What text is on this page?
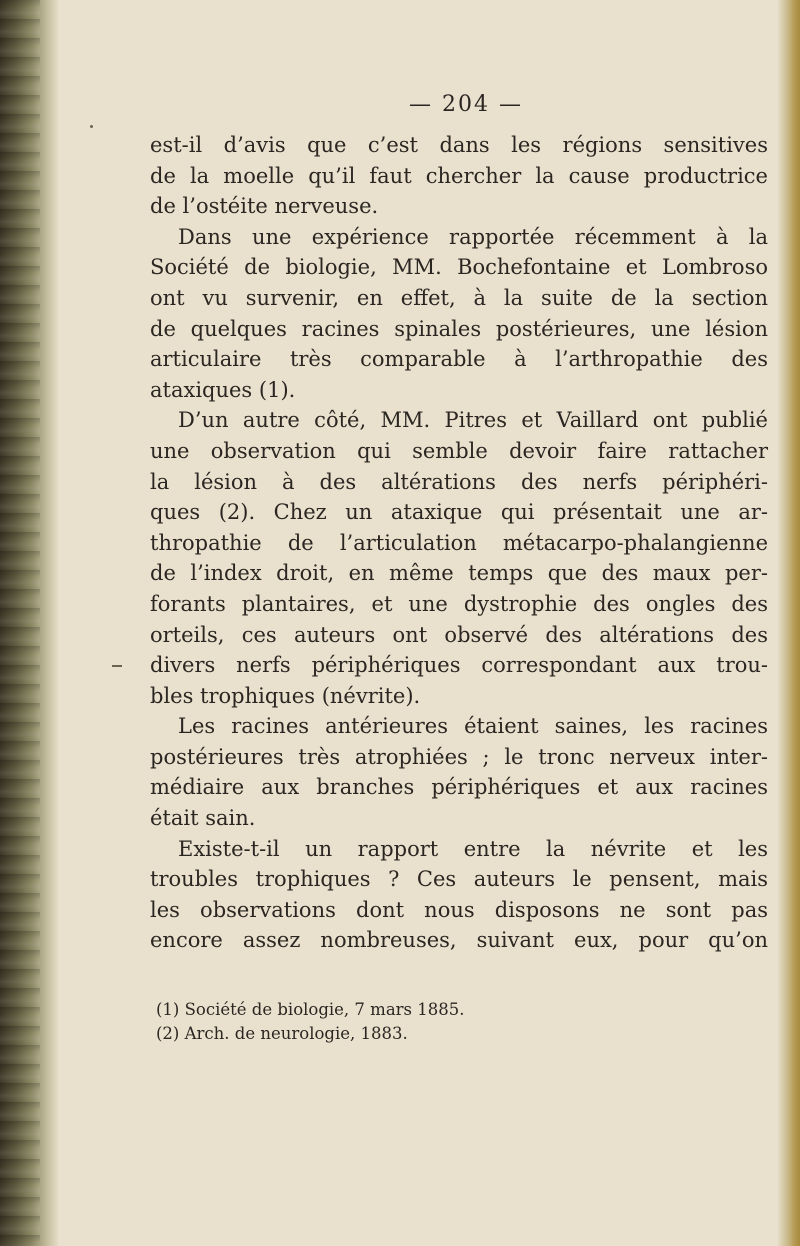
— 204 —
est-il d’avis que c’est dans les régions sensitives
de la moelle qu’il faut chercher la cause productrice
de l’ostéite nerveuse.
Dans une expérience rapportée récemment à la
Société de biologie, MM. Bochefontaine et Lombroso
ont vu survenir, en effet, à la suite de la section
de quelques racines spinales postérieures, une lésion
articulaire très comparable à l’arthropathie des
ataxiques (1).
D’un autre côté, MM. Pitres et Vaillard ont publié
une observation qui semble devoir faire rattacher
la lésion à des altérations des nerfs périphéri-
ques (2). Chez un ataxique qui présentait une ar-
thropathie de l’articulation métacarpo-phalangienne
de l’index droit, en même temps que des maux per-
forants plantaires, et une dystrophie des ongles des
orteils, ces auteurs ont observé des altérations des
divers nerfs périphériques correspondant aux trou-
bles trophiques (névrite).
Les racines antérieures étaient saines, les racines
postérieures très atrophiées ; le tronc nerveux inter-
médiaire aux branches périphériques et aux racines
était sain.
Existe-t-il un rapport entre la névrite et les
troubles trophiques ? Ces auteurs le pensent, mais
les observations dont nous disposons ne sont pas
encore assez nombreuses, suivant eux, pour qu’on
(1) Société de biologie, 7 mars 1885.
(2) Arch. de neurologie, 1883.
